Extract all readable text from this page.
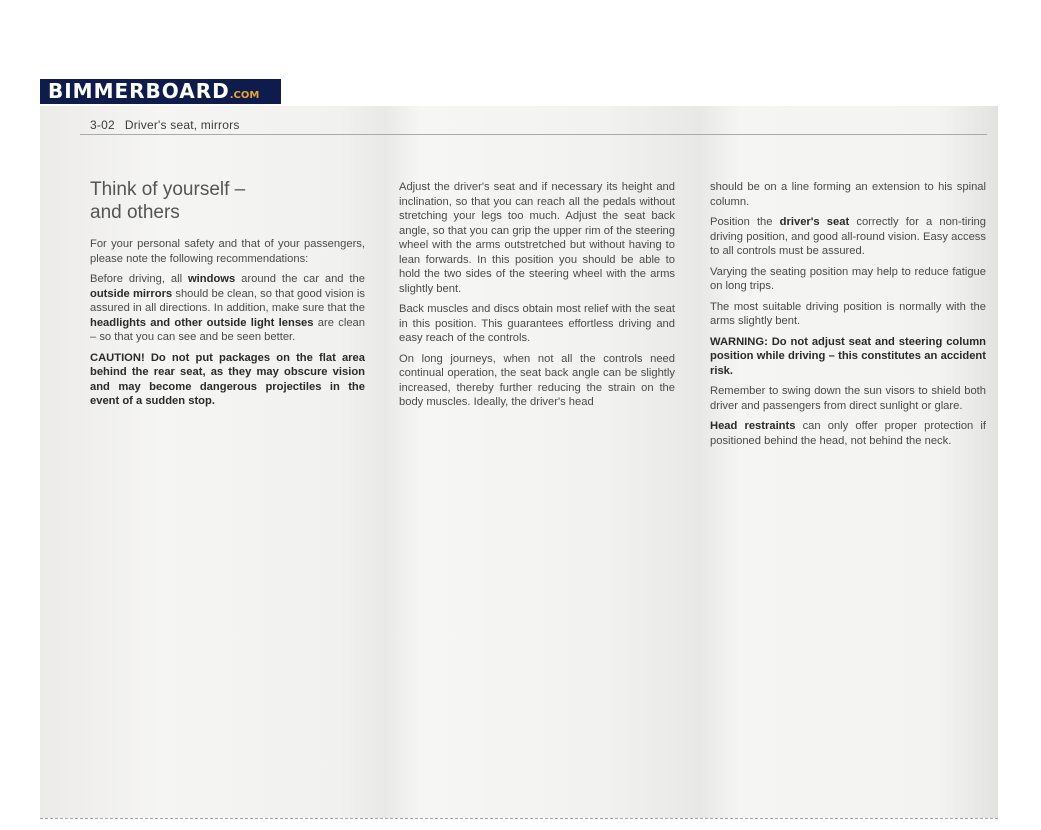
BIMMERBOARD.COM
3-02 Driver's seat, mirrors
Think of yourself –
and others

For your personal safety and that of your passengers, please note the following recommendations:

Before driving, all windows around the car and the outside mirrors should be clean, so that good vision is assured in all directions. In addition, make sure that the headlights and other outside light lenses are clean – so that you can see and be seen better.

CAUTION! Do not put packages on the flat area behind the rear seat, as they may obscure vision and may become dangerous projectiles in the event of a sudden stop.

Adjust the driver's seat and if necessary its height and inclination, so that you can reach all the pedals without stretching your legs too much. Adjust the seat back angle, so that you can grip the upper rim of the steering wheel with the arms outstretched but without having to lean forwards. In this position you should be able to hold the two sides of the steering wheel with the arms slightly bent.

Back muscles and discs obtain most relief with the seat in this position. This guarantees effortless driving and easy reach of the controls.

On long journeys, when not all the controls need continual operation, the seat back angle can be slightly increased, thereby further reducing the strain on the body muscles. Ideally, the driver's head

should be on a line forming an extension to his spinal column.

Position the driver's seat correctly for a non-tiring driving position, and good all-round vision. Easy access to all controls must be assured.

Varying the seating position may help to reduce fatigue on long trips.

The most suitable driving position is normally with the arms slightly bent.

WARNING: Do not adjust seat and steering column position while driving – this constitutes an accident risk.

Remember to swing down the sun visors to shield both driver and passengers from direct sunlight or glare.

Head restraints can only offer proper protection if positioned behind the head, not behind the neck.
